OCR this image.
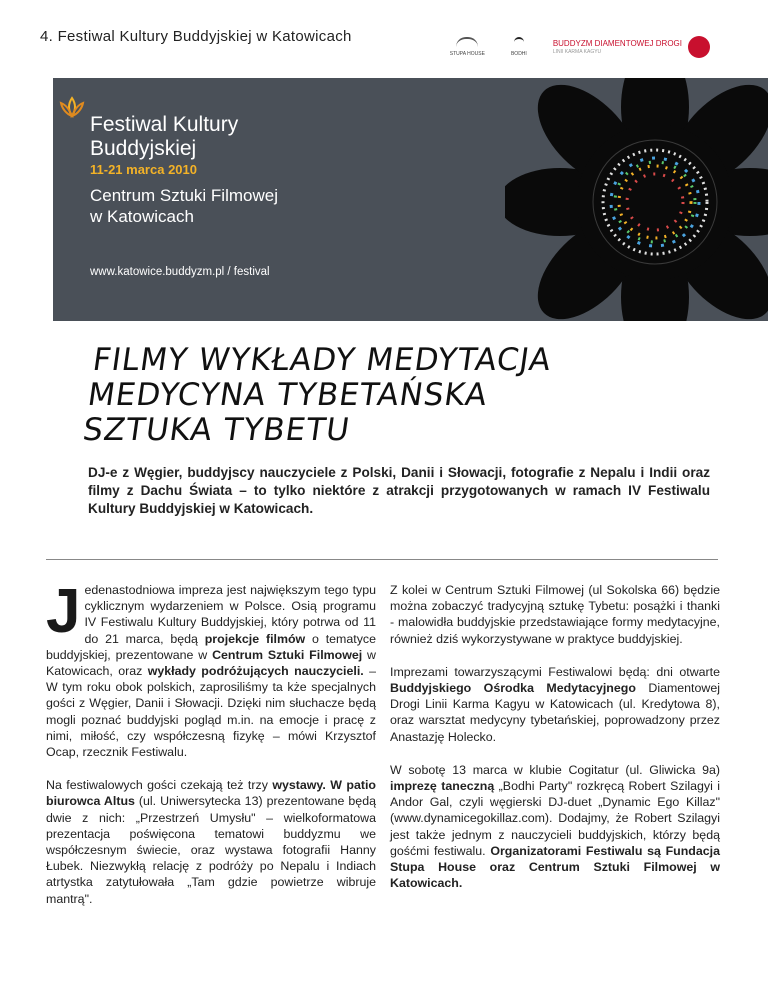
4. Festiwal Kultury Buddyjskiej w Katowicach
STUPA HOUSE	BODHI
BUDDYZM DIAMENTOWEJ DROGI
LINII KARMA KAGYU
Festiwal Kultury
Buddyjskiej
11-21 marca 2010
Centrum Sztuki Filmowej
w Katowicach
www.katowice.buddyzm.pl / festival
FILMY WYKŁADY MEDYTACJA
MEDYCYNA TYBETAŃSKA
SZTUKA TYBETU
DJ-e z Węgier, buddyjscy nauczyciele z Polski, Danii i Słowacji, fotografie z Nepalu i Indii oraz filmy z Dachu Świata – to tylko niektóre z atrakcji przygotowanych w ramach IV Festiwalu Kultury Buddyjskiej w Katowicach.

Jedenastodniowa impreza jest największym tego typu cyklicznym wydarzeniem w Polsce. Osią programu IV Festiwalu Kultury Buddyjskiej, który potrwa od 11 do 21 marca, będą projekcje filmów o tematyce buddyjskiej, prezentowane w Centrum Sztuki Filmowej w Katowicach, oraz wykłady podróżujących nauczycieli. – W tym roku obok polskich, zaprosiliśmy ta kże specjalnych gości z Węgier, Danii i Słowacji. Dzięki nim słuchacze będą mogli poznać buddyjski pogląd m.in. na emocje i pracę z nimi, miłość, czy współczesną fizykę – mówi Krzysztof Ocap, rzecznik Festiwalu.

Na festiwalowych gości czekają też trzy wystawy. W patio biurowca Altus (ul. Uniwersytecka 13) prezentowane będą dwie z nich: „Przestrzeń Umysłu" – wielkoformatowa prezentacja poświęcona tematowi buddyzmu we współczesnym świecie, oraz wystawa fotografii Hanny Łubek. Niezwykłą relację z podróży po Nepalu i Indiach atrtystka zatytułowała „Tam gdzie powietrze wibruje mantrą".

Z kolei w Centrum Sztuki Filmowej (ul Sokolska 66) będzie można zobaczyć tradycyjną sztukę Tybetu: posążki i thanki - malowidła buddyjskie przedstawiające formy medytacyjne, również dziś wykorzystywane w praktyce buddyjskiej.

Imprezami towarzyszącymi Festiwalowi będą: dni otwarte Buddyjskiego Ośrodka Medytacyjnego Diamentowej Drogi Linii Karma Kagyu w Katowicach (ul. Kredytowa 8), oraz warsztat medycyny tybetańskiej, poprowadzony przez Anastazję Holecko.

W sobotę 13 marca w klubie Cogitatur (ul. Gliwicka 9a) imprezę taneczną „Bodhi Party" rozkręcą Robert Szilagyi i Andor Gal, czyli węgierski DJ-duet „Dynamic Ego Killaz" (www.dynamicegokillaz.com). Dodajmy, że Robert Szilagyi jest także jednym z nauczycieli buddyjskich, którzy będą gośćmi festiwalu. Organizatorami Festiwalu są Fundacja Stupa House oraz Centrum Sztuki Filmowej w Katowicach.
